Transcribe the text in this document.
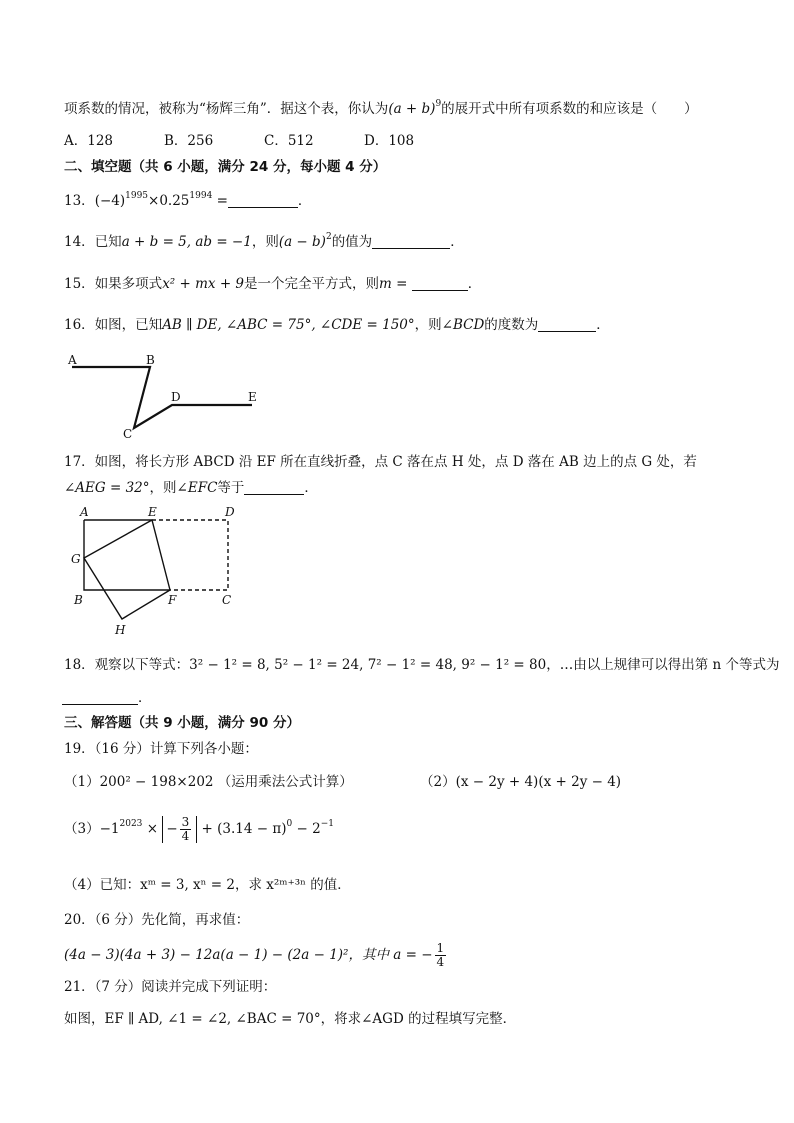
项系数的情况，被称为“杨辉三角”．据这个表，你认为$(a + b)^9$的展开式中所有项系数的和应该是（　　）
A．128	B．256	C．512	D．108
二、填空题（共 6 小题，满分 24 分，每小题 4 分）
13．$(-4)^{1995}\times 0.25^{1994}$ =	．
14．已知a + b = 5, ab = −1，则$(a - b)^2$的值为	．
15．如果多项式x² + mx + 9是一个完全平方式，则m =	．
16．如图，已知AB ∥ DE, ∠ABC = 75°, ∠CDE = 150°，则∠BCD的度数为	．
A	B
C
D	E
17．如图，将长方形 ABCD 沿 EF 所在直线折叠，点 C 落在点 H 处，点 D 落在 AB 边上的点 G 处，若
∠AEG = 32°，则∠EFC等于	．
A	E	D
G
B	F	C
H
18．观察以下等式：3² − 1² = 8, 5² − 1² = 24, 7² − 1² = 48, 9² − 1² = 80，…由以上规律可以得出第 n 个等式为
．
三、解答题（共 9 小题，满分 90 分）
19．（16 分）计算下列各小题：
（1）200² − 198×202 （运用乘法公式计算）	（2）(x − 2y + 4)(x + 2y − 4)
$(3)-1^{2023}$ × − $\frac{3}{4} + (3.14 - \pi)^0 - 2^{-1}$
（4）已知：xᵐ = 3, xⁿ = 2，求 x²ᵐ⁺³ⁿ 的值．
20．（6 分）先化简，再求值：
(4a − 3)(4a + 3) − 12a(a − 1) − (2a − 1)²，其中 a = − $\frac{1}{4}$
21．（7 分）阅读并完成下列证明：
如图，EF ∥ AD, ∠1 = ∠2, ∠BAC = 70°，将求∠AGD 的过程填写完整．
